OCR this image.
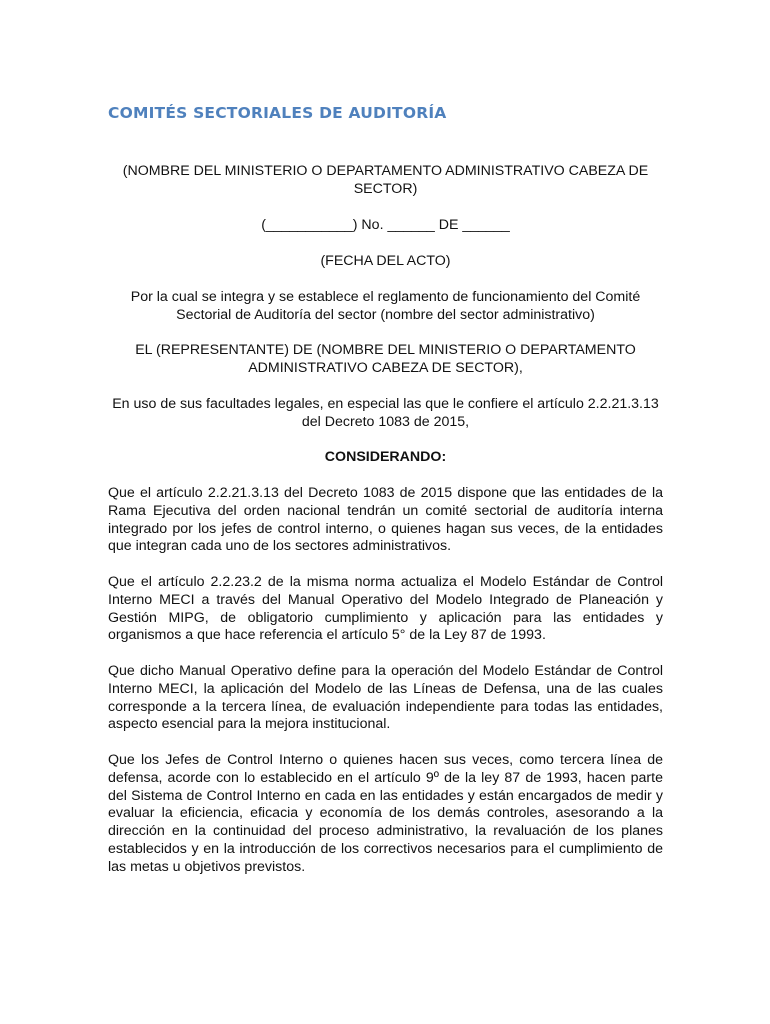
COMITÉS SECTORIALES DE AUDITORÍA

(NOMBRE DEL MINISTERIO O DEPARTAMENTO ADMINISTRATIVO CABEZA DE SECTOR)

(___________) No. ______ DE ______

(FECHA DEL ACTO)

Por la cual se integra y se establece el reglamento de funcionamiento del Comité Sectorial de Auditoría del sector (nombre del sector administrativo)

EL (REPRESENTANTE) DE (NOMBRE DEL MINISTERIO O DEPARTAMENTO ADMINISTRATIVO CABEZA DE SECTOR),

En uso de sus facultades legales, en especial las que le confiere el artículo 2.2.21.3.13 del Decreto 1083 de 2015,

CONSIDERANDO:

Que el artículo 2.2.21.3.13 del Decreto 1083 de 2015 dispone que las entidades de la Rama Ejecutiva del orden nacional tendrán un comité sectorial de auditoría interna integrado por los jefes de control interno, o quienes hagan sus veces, de la entidades que integran cada uno de los sectores administrativos.

Que el artículo 2.2.23.2 de la misma norma actualiza el Modelo Estándar de Control Interno MECI a través del Manual Operativo del Modelo Integrado de Planeación y Gestión MIPG, de obligatorio cumplimiento y aplicación para las entidades y organismos a que hace referencia el artículo 5° de la Ley 87 de 1993.

Que dicho Manual Operativo define para la operación del Modelo Estándar de Control Interno MECI, la aplicación del Modelo de las Líneas de Defensa, una de las cuales corresponde a la tercera línea, de evaluación independiente para todas las entidades, aspecto esencial para la mejora institucional.

Que los Jefes de Control Interno o quienes hacen sus veces, como tercera línea de defensa, acorde con lo establecido en el artículo 9º de la ley 87 de 1993, hacen parte del Sistema de Control Interno en cada en las entidades y están encargados de medir y evaluar la eficiencia, eficacia y economía de los demás controles, asesorando a la dirección en la continuidad del proceso administrativo, la revaluación de los planes establecidos y en la introducción de los correctivos necesarios para el cumplimiento de las metas u objetivos previstos.
